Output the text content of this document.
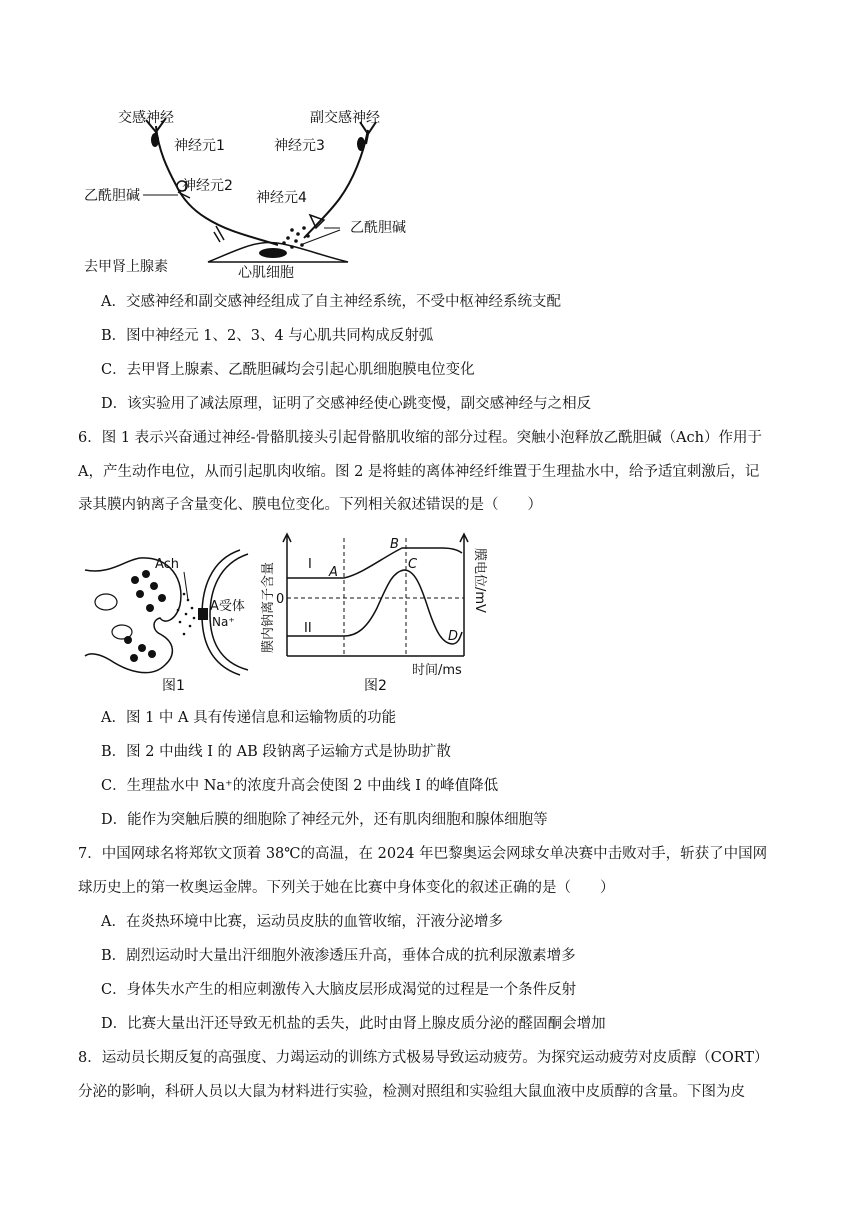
交感神经	副交感神经
神经元1	神经元3
神经元2
乙酰胆碱	神经元4
乙酰胆碱
去甲肾上腺素	心肌细胞
A．交感神经和副交感神经组成了自主神经系统，不受中枢神经系统支配
B．图中神经元 1、2、3、4 与心肌共同构成反射弧
C．去甲肾上腺素、乙酰胆碱均会引起心肌细胞膜电位变化
D．该实验用了减法原理，证明了交感神经使心跳变慢，副交感神经与之相反
6．图 1 表示兴奋通过神经-骨骼肌接头引起骨骼肌收缩的部分过程。突触小泡释放乙酰胆碱（Ach）作用于
A，产生动作电位，从而引起肌肉收缩。图 2 是将蛙的离体神经纤维置于生理盐水中，给予适宜刺激后，记
录其膜内钠离子含量变化、膜电位变化。下列相关叙述错误的是（　　）
Ach
A受体
Na⁺
图1
膜内钠离子含量	膜电位/mV
0
I
II
A
B
C
D
时间/ms
图2
A．图 1 中 A 具有传递信息和运输物质的功能
B．图 2 中曲线 I 的 AB 段钠离子运输方式是协助扩散
C．生理盐水中 Na⁺的浓度升高会使图 2 中曲线 I 的峰值降低
D．能作为突触后膜的细胞除了神经元外，还有肌肉细胞和腺体细胞等
7．中国网球名将郑钦文顶着 38℃的高温，在 2024 年巴黎奥运会网球女单决赛中击败对手，斩获了中国网
球历史上的第一枚奥运金牌。下列关于她在比赛中身体变化的叙述正确的是（　　）
A．在炎热环境中比赛，运动员皮肤的血管收缩，汗液分泌增多
B．剧烈运动时大量出汗细胞外液渗透压升高，垂体合成的抗利尿激素增多
C．身体失水产生的相应刺激传入大脑皮层形成渴觉的过程是一个条件反射
D．比赛大量出汗还导致无机盐的丢失，此时由肾上腺皮质分泌的醛固酮会增加
8．运动员长期反复的高强度、力竭运动的训练方式极易导致运动疲劳。为探究运动疲劳对皮质醇（CORT）
分泌的影响，科研人员以大鼠为材料进行实验，检测对照组和实验组大鼠血液中皮质醇的含量。下图为皮
